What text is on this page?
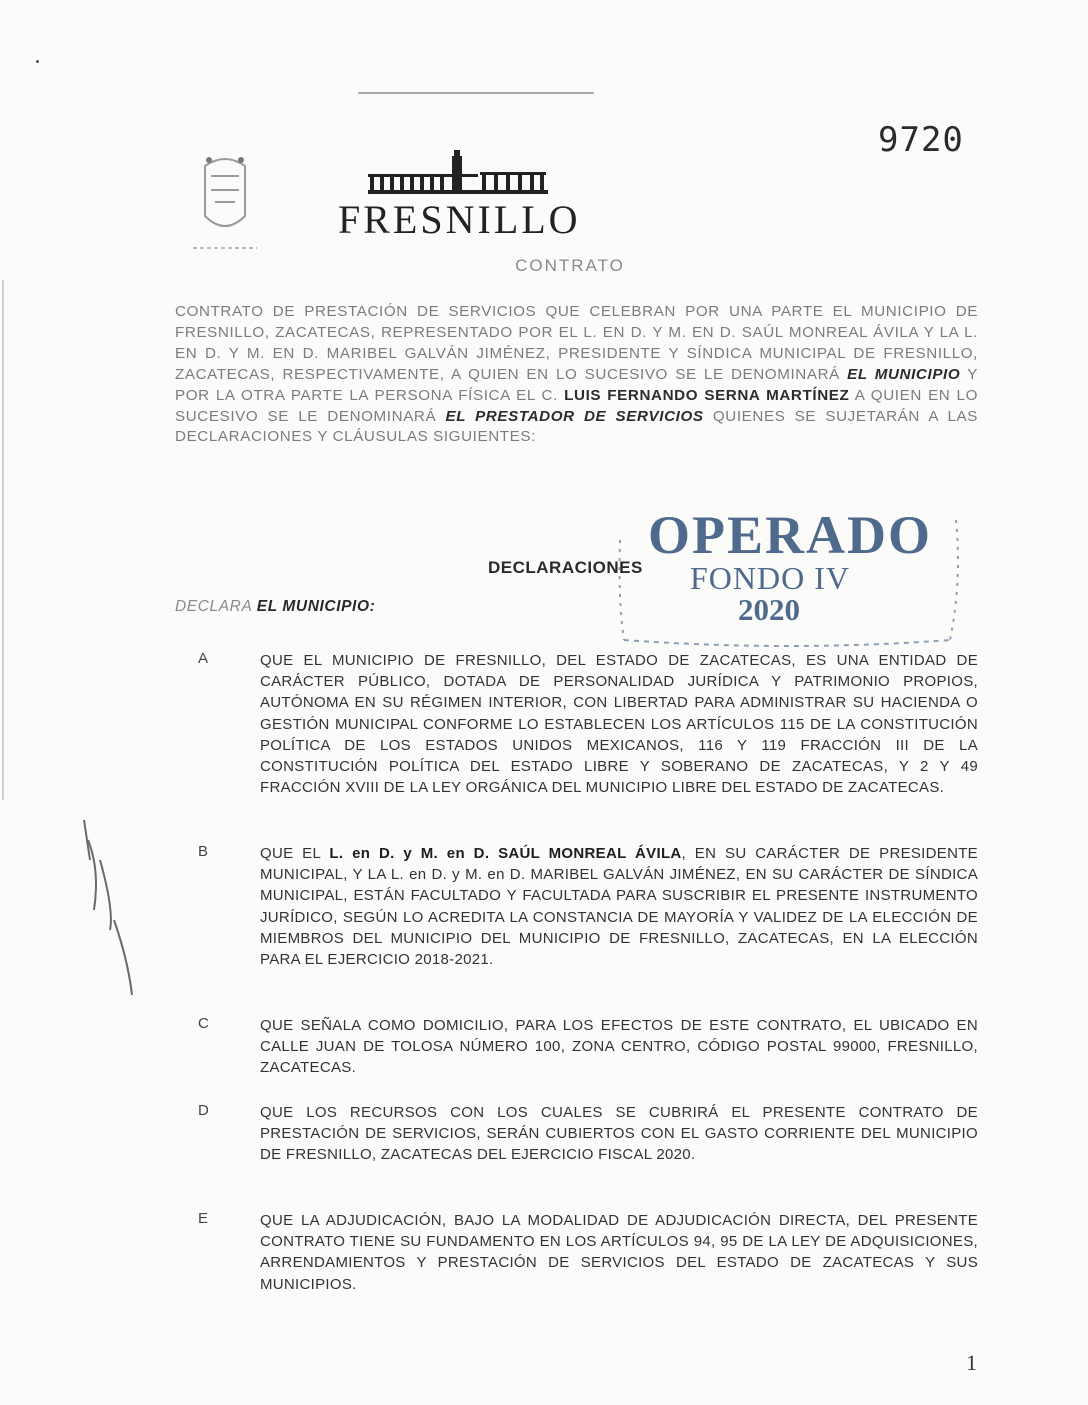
9720
FRESNILLO
CONTRATO

CONTRATO DE PRESTACIÓN DE SERVICIOS QUE CELEBRAN POR UNA PARTE EL MUNICIPIO DE FRESNILLO, ZACATECAS, REPRESENTADO POR EL L. EN D. Y M. EN D. SAÚL MONREAL ÁVILA Y LA L. EN D. Y M. EN D. MARIBEL GALVÁN JIMÉNEZ, PRESIDENTE Y SÍNDICA MUNICIPAL DE FRESNILLO, ZACATECAS, RESPECTIVAMENTE, A QUIEN EN LO SUCESIVO SE LE DENOMINARÁ EL MUNICIPIO Y POR LA OTRA PARTE LA PERSONA FÍSICA EL C. LUIS FERNANDO SERNA MARTÍNEZ A QUIEN EN LO SUCESIVO SE LE DENOMINARÁ EL PRESTADOR DE SERVICIOS QUIENES SE SUJETARÁN A LAS DECLARACIONES Y CLÁUSULAS SIGUIENTES:

DECLARACIONES
OPERADO
FONDO IV
2020
DECLARA EL MUNICIPIO:
A	QUE EL MUNICIPIO DE FRESNILLO, DEL ESTADO DE ZACATECAS, ES UNA ENTIDAD DE CARÁCTER PÚBLICO, DOTADA DE PERSONALIDAD JURÍDICA Y PATRIMONIO PROPIOS, AUTÓNOMA EN SU RÉGIMEN INTERIOR, CON LIBERTAD PARA ADMINISTRAR SU HACIENDA O GESTIÓN MUNICIPAL CONFORME LO ESTABLECEN LOS ARTÍCULOS 115 DE LA CONSTITUCIÓN POLÍTICA DE LOS ESTADOS UNIDOS MEXICANOS, 116 Y 119 FRACCIÓN III DE LA CONSTITUCIÓN POLÍTICA DEL ESTADO LIBRE Y SOBERANO DE ZACATECAS, Y 2 Y 49 FRACCIÓN XVIII DE LA LEY ORGÁNICA DEL MUNICIPIO LIBRE DEL ESTADO DE ZACATECAS.

B	QUE EL L. en D. y M. en D. SAÚL MONREAL ÁVILA, EN SU CARÁCTER DE PRESIDENTE MUNICIPAL, Y LA L. en D. y M. en D. MARIBEL GALVÁN JIMÉNEZ, EN SU CARÁCTER DE SÍNDICA MUNICIPAL, ESTÁN FACULTADO Y FACULTADA PARA SUSCRIBIR EL PRESENTE INSTRUMENTO JURÍDICO, SEGÚN LO ACREDITA LA CONSTANCIA DE MAYORÍA Y VALIDEZ DE LA ELECCIÓN DE MIEMBROS DEL MUNICIPIO DEL MUNICIPIO DE FRESNILLO, ZACATECAS, EN LA ELECCIÓN PARA EL EJERCICIO 2018-2021.

C	QUE SEÑALA COMO DOMICILIO, PARA LOS EFECTOS DE ESTE CONTRATO, EL UBICADO EN CALLE JUAN DE TOLOSA NÚMERO 100, ZONA CENTRO, CÓDIGO POSTAL 99000, FRESNILLO, ZACATECAS.

D	QUE LOS RECURSOS CON LOS CUALES SE CUBRIRÁ EL PRESENTE CONTRATO DE PRESTACIÓN DE SERVICIOS, SERÁN CUBIERTOS CON EL GASTO CORRIENTE DEL MUNICIPIO DE FRESNILLO, ZACATECAS DEL EJERCICIO FISCAL 2020.

E	QUE LA ADJUDICACIÓN, BAJO LA MODALIDAD DE ADJUDICACIÓN DIRECTA, DEL PRESENTE CONTRATO TIENE SU FUNDAMENTO EN LOS ARTÍCULOS 94, 95 DE LA LEY DE ADQUISICIONES, ARRENDAMIENTOS Y PRESTACIÓN DE SERVICIOS DEL ESTADO DE ZACATECAS Y SUS MUNICIPIOS.

1
